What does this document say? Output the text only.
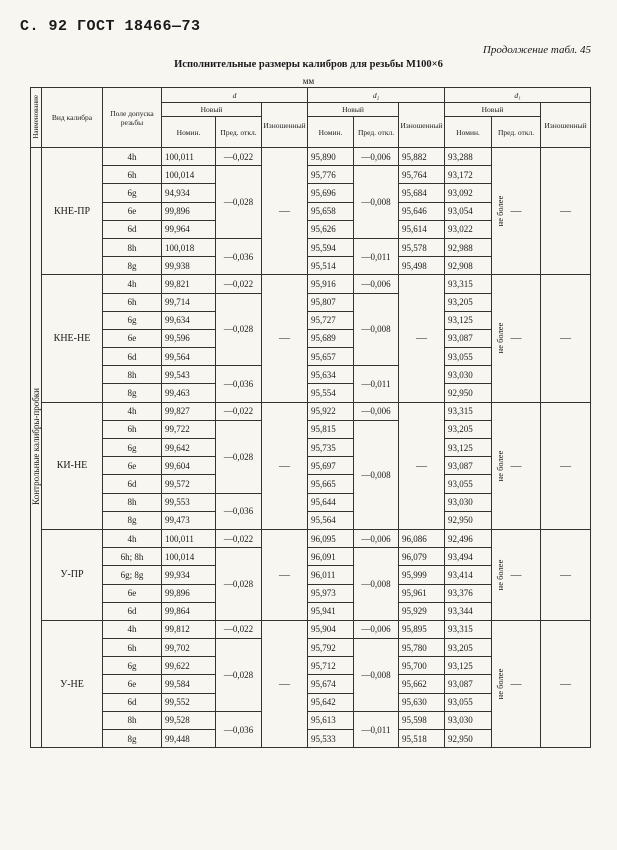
С. 92 ГОСТ 18466—73
Продолжение табл. 45
Исполнительные размеры калибров для резьбы M100×6
мм
Наименование	Вид калибра	Поле допуска резьбы	d			d₂			d₁		
			Новый		Изношенный	Новый		Изношенный	Новый		Изношенный
			Номин.	Пред. откл.		Номин.	Пред. откл.		Номин.	Пред. откл.	
Контрольные калибры-пробки	КНЕ-ПР	4h	100,011	—0,022	—	95,890	—0,006	95,882	93,288	не более —	—
		6h	100,014	—0,028		95,776	—0,008	95,764	93,172		
		6g	94,934			95,696		95,684	93,092		
		6e	99,896			95,658		95,646	93,054		
		6d	99,964			95,626		95,614	93,022		
		8h	100,018	—0,036		95,594	—0,011	95,578	92,988		
		8g	99,938			95,514		95,498	92,908		
	КНЕ-НЕ	4h	99,821	—0,022	—	95,916	—0,006	—	93,315	не более —	—
		6h	99,714	—0,028		95,807	—0,008		93,205		
		6g	99,634			95,727			93,125		
		6e	99,596			95,689			93,087		
		6d	99,564			95,657			93,055		
		8h	99,543	—0,036		95,634	—0,011		93,030		
		8g	99,463			95,554			92,950		
	КИ-НЕ	4h	99,827	—0,022	—	95,922	—0,006	—	93,315	не более —	—
		6h	99,722	—0,028		95,815	—0,008		93,205		
		6g	99,642			95,735			93,125		
		6e	99,604			95,697			93,087		
		6d	99,572			95,665			93,055		
		8h	99,553	—0,036		95,644			93,030		
		8g	99,473			95,564			92,950		
	У-ПР	4h	100,011	—0,022	—	96,095	—0,006	96,086	92,496	не более —	—
		6h; 8h	100,014	—0,028		96,091	—0,008	96,079	93,494		
		6g; 8g	99,934			96,011		95,999	93,414		
		6e	99,896			95,973		95,961	93,376		
		6d	99,864			95,941		95,929	93,344		
	У-НЕ	4h	99,812	—0,022	—	95,904	—0,006	95,895	93,315	не более —	—
		6h	99,702	—0,028		95,792	—0,008	95,780	93,205		
		6g	99,622			95,712		95,700	93,125		
		6e	99,584			95,674		95,662	93,087		
		6d	99,552			95,642		95,630	93,055		
		8h	99,528	—0,036		95,613	—0,011	95,598	93,030		
		8g	99,448			95,533		95,518	92,950		
